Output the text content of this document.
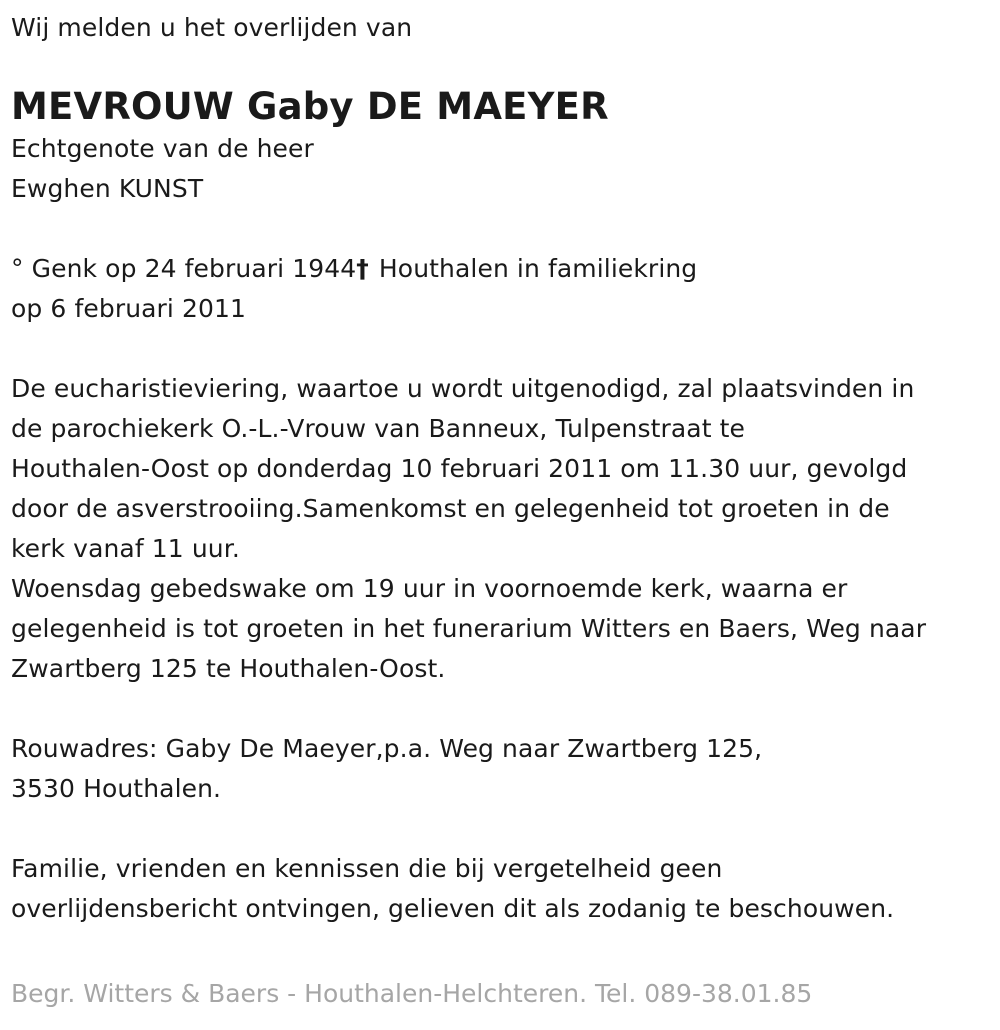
Wij melden u het overlijden van
MEVROUW Gaby DE MAEYER
Echtgenote van de heer
Ewghen KUNST
° Genk op 24 februari 1944† Houthalen in familiekring
op 6 februari 2011
De eucharistieviering, waartoe u wordt uitgenodigd, zal plaatsvinden in
de parochiekerk O.-L.-Vrouw van Banneux, Tulpenstraat te
Houthalen-Oost op donderdag 10 februari 2011 om 11.30 uur, gevolgd
door de asverstrooiing.Samenkomst en gelegenheid tot groeten in de
kerk vanaf 11 uur.
Woensdag gebedswake om 19 uur in voornoemde kerk, waarna er
gelegenheid is tot groeten in het funerarium Witters en Baers, Weg naar
Zwartberg 125 te Houthalen-Oost.
Rouwadres: Gaby De Maeyer,p.a. Weg naar Zwartberg 125,
3530 Houthalen.
Familie, vrienden en kennissen die bij vergetelheid geen
overlijdensbericht ontvingen, gelieven dit als zodanig te beschouwen.
Begr. Witters & Baers - Houthalen-Helchteren. Tel. 089-38.01.85
